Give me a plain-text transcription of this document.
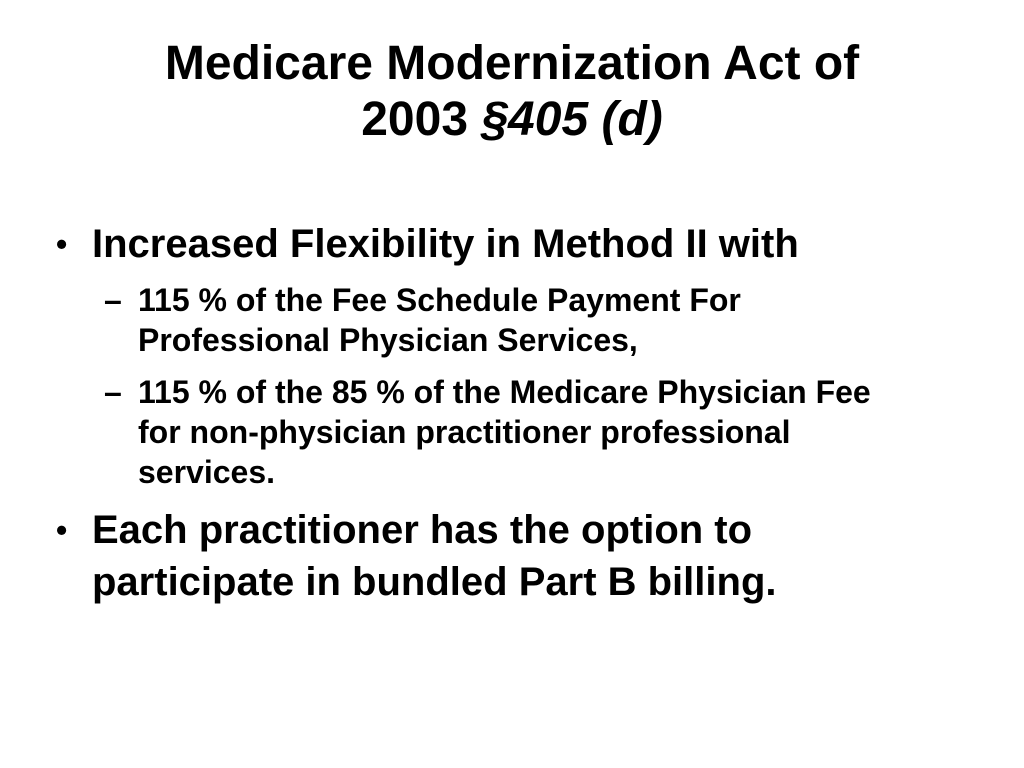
Medicare Modernization Act of
2003 §405 (d)
• Increased Flexibility in Method II with
– 115 % of the Fee Schedule Payment For Professional Physician Services,
– 115 % of the 85 % of the Medicare Physician Fee for non-physician practitioner professional services.
• Each practitioner has the option to participate in bundled Part B billing.
